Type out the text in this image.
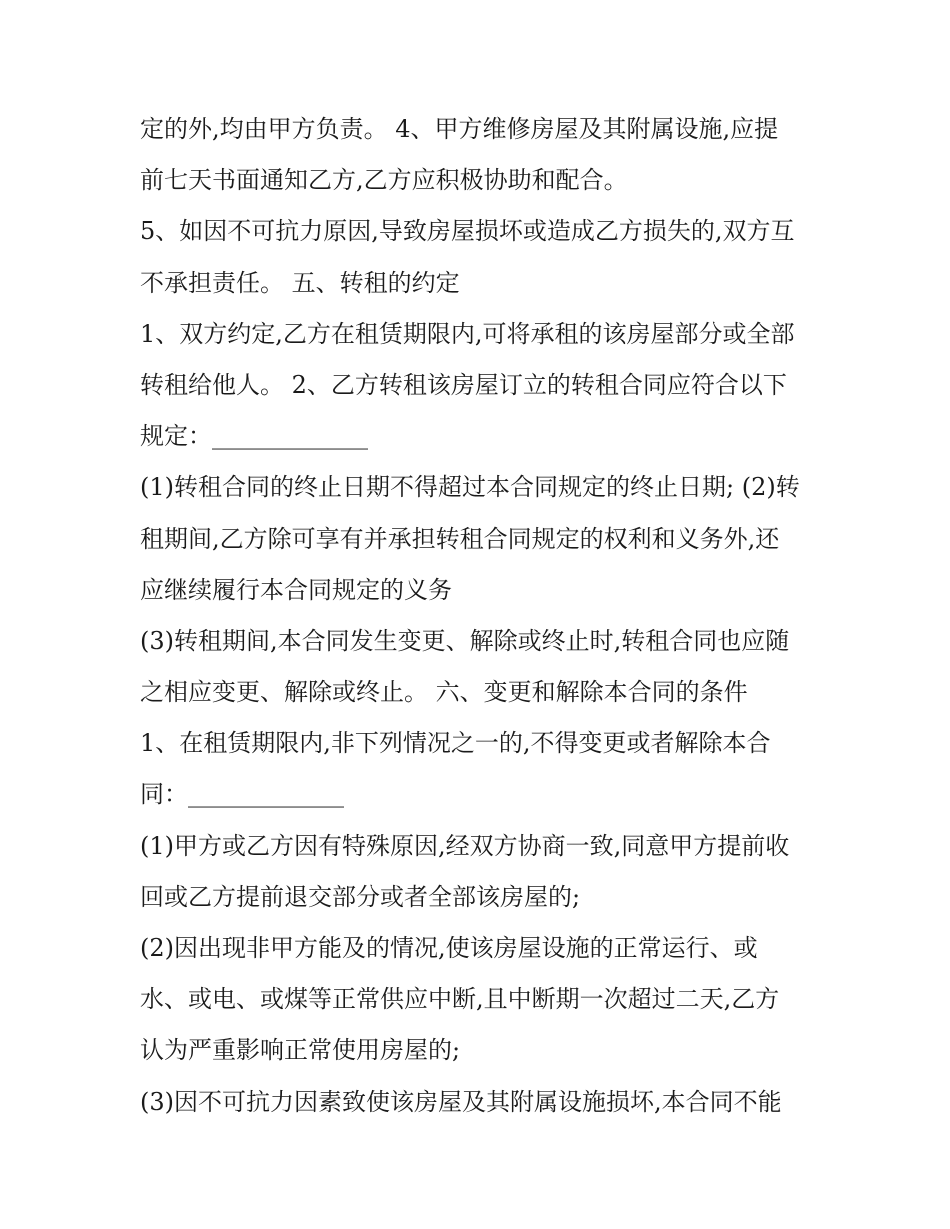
定的外,均由甲方负责。 4、甲方维修房屋及其附属设施,应提
前七天书面通知乙方,乙方应积极协助和配合。
5、如因不可抗力原因,导致房屋损坏或造成乙方损失的,双方互
不承担责任。 五、转租的约定
1、双方约定,乙方在租赁期限内,可将承租的该房屋部分或全部
转租给他人。 2、乙方转租该房屋订立的转租合同应符合以下
规定：_____________
(1)转租合同的终止日期不得超过本合同规定的终止日期; (2)转
租期间,乙方除可享有并承担转租合同规定的权利和义务外,还
应继续履行本合同规定的义务
(3)转租期间,本合同发生变更、解除或终止时,转租合同也应随
之相应变更、解除或终止。 六、变更和解除本合同的条件
1、在租赁期限内,非下列情况之一的,不得变更或者解除本合
同：_____________
(1)甲方或乙方因有特殊原因,经双方协商一致,同意甲方提前收
回或乙方提前退交部分或者全部该房屋的;
(2)因出现非甲方能及的情况,使该房屋设施的正常运行、或
水、或电、或煤等正常供应中断,且中断期一次超过二天,乙方
认为严重影响正常使用房屋的;
(3)因不可抗力因素致使该房屋及其附属设施损坏,本合同不能
